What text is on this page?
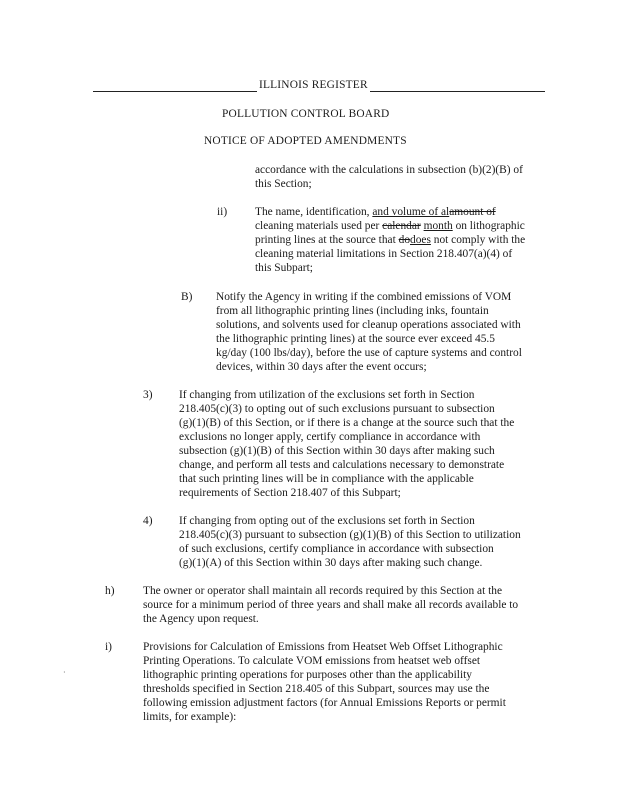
ILLINOIS REGISTER
POLLUTION CONTROL BOARD
NOTICE OF ADOPTED AMENDMENTS
accordance with the calculations in subsection (b)(2)(B) of
this Section;
ii) The name, identification, and volume of alamount of
cleaning materials used per calendar month on lithographic
printing lines at the source that dodoes not comply with the
cleaning material limitations in Section 218.407(a)(4) of
this Subpart;
B) Notify the Agency in writing if the combined emissions of VOM
from all lithographic printing lines (including inks, fountain
solutions, and solvents used for cleanup operations associated with
the lithographic printing lines) at the source ever exceed 45.5
kg/day (100 lbs/day), before the use of capture systems and control
devices, within 30 days after the event occurs;
3) If changing from utilization of the exclusions set forth in Section
218.405(c)(3) to opting out of such exclusions pursuant to subsection
(g)(1)(B) of this Section, or if there is a change at the source such that the
exclusions no longer apply, certify compliance in accordance with
subsection (g)(1)(B) of this Section within 30 days after making such
change, and perform all tests and calculations necessary to demonstrate
that such printing lines will be in compliance with the applicable
requirements of Section 218.407 of this Subpart;
4) If changing from opting out of the exclusions set forth in Section
218.405(c)(3) pursuant to subsection (g)(1)(B) of this Section to utilization
of such exclusions, certify compliance in accordance with subsection
(g)(1)(A) of this Section within 30 days after making such change.
h)	The owner or operator shall maintain all records required by this Section at the
source for a minimum period of three years and shall make all records available to
the Agency upon request.
i)	Provisions for Calculation of Emissions from Heatset Web Offset Lithographic
Printing Operations. To calculate VOM emissions from heatset web offset
lithographic printing operations for purposes other than the applicability
thresholds specified in Section 218.405 of this Subpart, sources may use the
following emission adjustment factors (for Annual Emissions Reports or permit
limits, for example):
·
